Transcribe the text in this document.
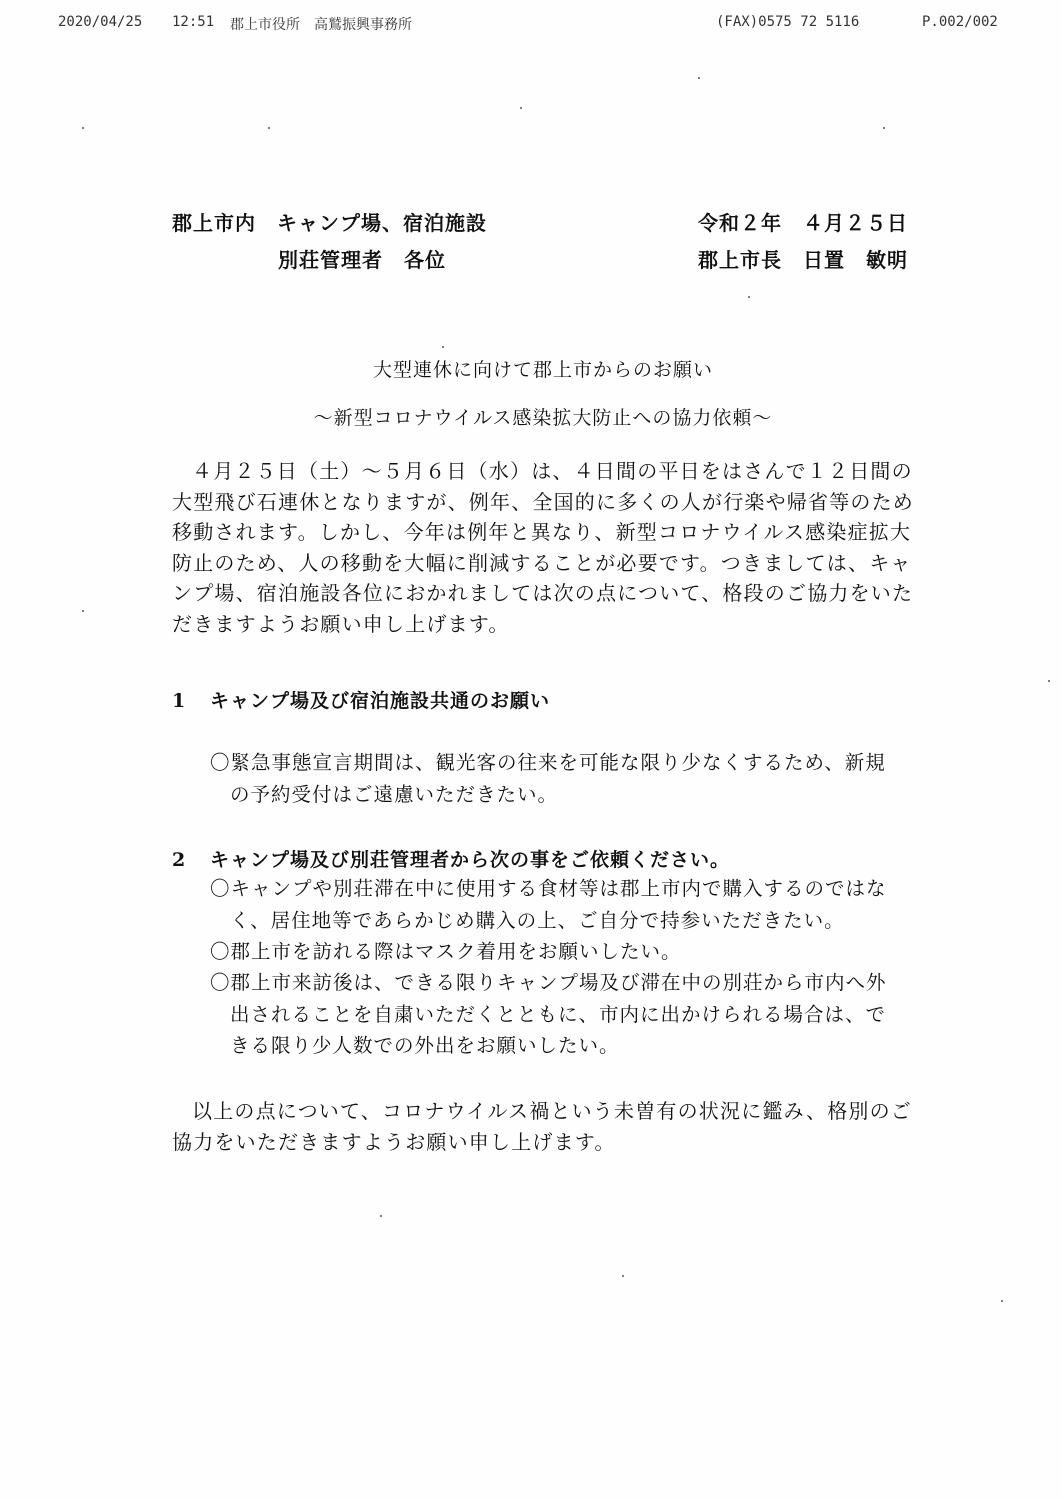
2020/04/25 12:51 郡上市役所　高鷲振興事務所	(FAX)0575 72 5116	P.002/002
郡上市内　キャンプ場、宿泊施設
別荘管理者　各位
令和２年　４月２５日
郡上市長　日置　敏明
大型連休に向けて郡上市からのお願い
～新型コロナウイルス感染拡大防止への協力依頼～
４月２５日（土）～５月６日（水）は、４日間の平日をはさんで１２日間の
大型飛び石連休となりますが、例年、全国的に多くの人が行楽や帰省等のため
移動されます。しかし、今年は例年と異なり、新型コロナウイルス感染症拡大
防止のため、人の移動を大幅に削減することが必要です。つきましては、キャ
ンプ場、宿泊施設各位におかれましては次の点について、格段のご協力をいた
だきますようお願い申し上げます。
1 キャンプ場及び宿泊施設共通のお願い
〇緊急事態宣言期間は、観光客の往来を可能な限り少なくするため、新規
の予約受付はご遠慮いただきたい。
2 キャンプ場及び別荘管理者から次の事をご依頼ください。
〇キャンプや別荘滞在中に使用する食材等は郡上市内で購入するのではな
く、居住地等であらかじめ購入の上、ご自分で持参いただきたい。
〇郡上市を訪れる際はマスク着用をお願いしたい。
〇郡上市来訪後は、できる限りキャンプ場及び滞在中の別荘から市内へ外
出されることを自粛いただくとともに、市内に出かけられる場合は、で
きる限り少人数での外出をお願いしたい。
以上の点について、コロナウイルス禍という未曽有の状況に鑑み、格別のご
協力をいただきますようお願い申し上げます。
